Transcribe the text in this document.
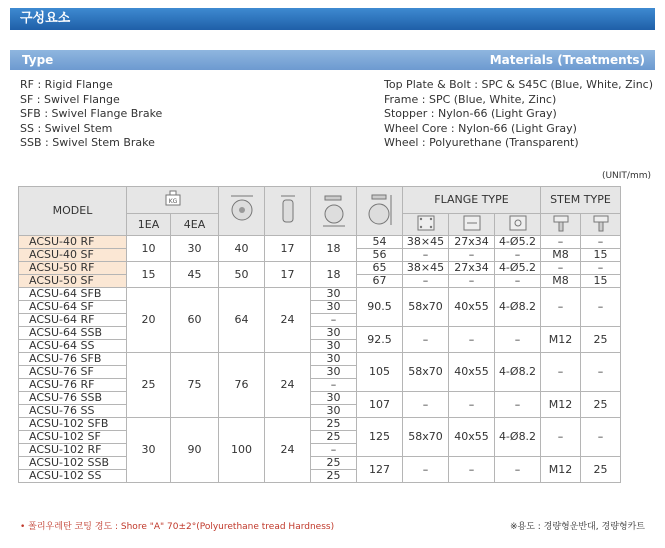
구성요소
Type	Materials (Treatments)
RF : Rigid Flange
SF : Swivel Flange
SFB : Swivel Flange Brake
SS : Swivel Stem
SSB : Swivel Stem Brake
Top Plate & Bolt : SPC & S45C (Blue, White, Zinc)
Frame : SPC (Blue, White, Zinc)
Stopper : Nylon-66 (Light Gray)
Wheel Core : Nylon-66 (Light Gray)
Wheel : Polyurethane (Transparent)
(UNIT/mm)
MODEL	KG						FLANGE TYPE			STEM TYPE	
	1EA	4EA					
ACSU-40 RF	10	30	40	17	18	54	38×45	27x34	4-Ø5.2	–	–
ACSU-40 SF						56	–	–	–	M8	15
ACSU-50 RF	15	45	50	17	18	65	38×45	27x34	4-Ø5.2	–	–
ACSU-50 SF						67	–	–	–	M8	15
ACSU-64 SFB	20	60	64	24	30	90.5	58x70	40x55	4-Ø8.2	–	–
ACSU-64 SF					30						
ACSU-64 RF					–						
ACSU-64 SSB					30	92.5	–	–	–	M12	25
ACSU-64 SS					30						
ACSU-76 SFB	25	75	76	24	30	105	58x70	40x55	4-Ø8.2	–	–
ACSU-76 SF					30						
ACSU-76 RF					–						
ACSU-76 SSB					30	107	–	–	–	M12	25
ACSU-76 SS					30						
ACSU-102 SFB	30	90	100	24	25	125	58x70	40x55	4-Ø8.2	–	–
ACSU-102 SF					25						
ACSU-102 RF					–						
ACSU-102 SSB					25	127	–	–	–	M12	25
ACSU-102 SS					25						
• 폴리우레탄 코팅 경도 : Shore "A" 70±2°(Polyurethane tread Hardness)	※용도 : 경량형운반대, 경량형카트
